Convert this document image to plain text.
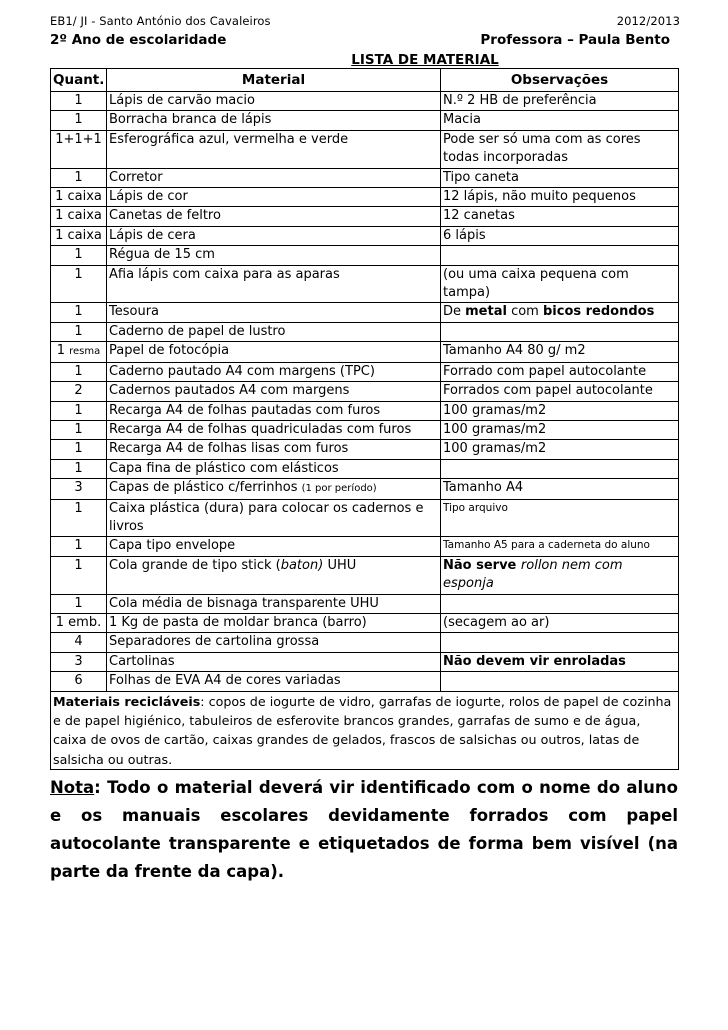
EB1/ JI - Santo António dos Cavaleiros	2012/2013
2º Ano de escolaridade	Professora – Paula Bento
LISTA DE MATERIAL
Quant.	Material	Observações
1	Lápis de carvão macio	N.º 2 HB de preferência
1	Borracha branca de lápis	Macia
1+1+1	Esferográfica azul, vermelha e verde	Pode ser só uma com as cores todas incorporadas
1	Corretor	Tipo caneta
1 caixa	Lápis de cor	12 lápis, não muito pequenos
1 caixa	Canetas de feltro	12 canetas
1 caixa	Lápis de cera	6 lápis
1	Régua de 15 cm	
1	Afia lápis com caixa para as aparas	(ou uma caixa pequena com tampa)
1	Tesoura	De metal com bicos redondos
1	Caderno de papel de lustro	
1 resma	Papel de fotocópia	Tamanho A4 80 g/ m2
1	Caderno pautado A4 com margens (TPC)	Forrado com papel autocolante
2	Cadernos pautados A4 com margens	Forrados com papel autocolante
1	Recarga A4 de folhas pautadas com furos	100 gramas/m2
1	Recarga A4 de folhas quadriculadas com furos	100 gramas/m2
1	Recarga A4 de folhas lisas com furos	100 gramas/m2
1	Capa fina de plástico com elásticos	
3	Capas de plástico c/ferrinhos (1 por período)	Tamanho A4
1	Caixa plástica (dura) para colocar os cadernos e livros	Tipo arquivo
1	Capa tipo envelope	Tamanho A5 para a caderneta do aluno
1	Cola grande de tipo stick (baton) UHU	Não serve rollon nem com esponja
1	Cola média de bisnaga transparente UHU	
1 emb.	1 Kg de pasta de moldar branca (barro)	(secagem ao ar)
4	Separadores de cartolina grossa	
3	Cartolinas	Não devem vir enroladas
6	Folhas de EVA A4 de cores variadas	
Materiais recicláveis: copos de iogurte de vidro, garrafas de iogurte, rolos de papel de cozinha e de papel higiénico, tabuleiros de esferovite brancos grandes, garrafas de sumo e de água, caixa de ovos de cartão, caixas grandes de gelados, frascos de salsichas ou outros, latas de salsicha ou outras.		
Nota: Todo o material deverá vir identificado com o nome do aluno e os manuais escolares devidamente forrados com papel autocolante transparente e etiquetados de forma bem visível (na parte da frente da capa).
